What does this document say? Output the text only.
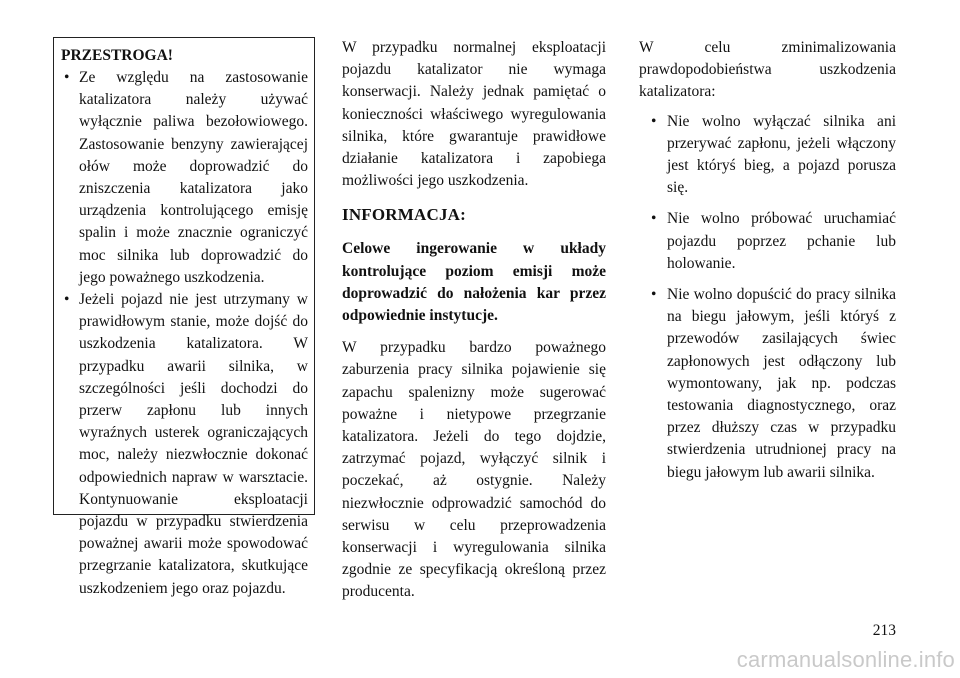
PRZESTROGA!

• Ze względu na zastosowanie katalizatora należy używać wyłącznie paliwa bezołowiowego. Zastosowanie benzyny zawierającej ołów może doprowadzić do zniszczenia katalizatora jako urządzenia kontrolującego emisję spalin i może znacznie ograniczyć moc silnika lub doprowadzić do jego poważnego uszkodzenia.
• Jeżeli pojazd nie jest utrzymany w prawidłowym stanie, może dojść do uszkodzenia katalizatora. W przypadku awarii silnika, w szczególności jeśli dochodzi do przerw zapłonu lub innych wyraźnych usterek ograniczających moc, należy niezwłocznie dokonać odpowiednich napraw w warsztacie. Kontynuowanie eksploatacji pojazdu w przypadku stwierdzenia poważnej awarii może spowodować przegrzanie katalizatora, skutkujące uszkodzeniem jego oraz pojazdu.

W przypadku normalnej eksploatacji pojazdu katalizator nie wymaga konserwacji. Należy jednak pamiętać o konieczności właściwego wyregulowania silnika, które gwarantuje prawidłowe działanie katalizatora i zapobiega możliwości jego uszkodzenia.

INFORMACJA:

Celowe ingerowanie w układy kontrolujące poziom emisji może doprowadzić do nałożenia kar przez odpowiednie instytucje.

W przypadku bardzo poważnego zaburzenia pracy silnika pojawienie się zapachu spalenizny może sugerować poważne i nietypowe przegrzanie katalizatora. Jeżeli do tego dojdzie, zatrzymać pojazd, wyłączyć silnik i poczekać, aż ostygnie. Należy niezwłocznie odprowadzić samochód do serwisu w celu przeprowadzenia konserwacji i wyregulowania silnika zgodnie ze specyfikacją określoną przez producenta.

W celu zminimalizowania prawdopodobieństwa uszkodzenia katalizatora:

• Nie wolno wyłączać silnika ani przerywać zapłonu, jeżeli włączony jest któryś bieg, a pojazd porusza się.
• Nie wolno próbować uruchamiać pojazdu poprzez pchanie lub holowanie.
• Nie wolno dopuścić do pracy silnika na biegu jałowym, jeśli któryś z przewodów zasilających świec zapłonowych jest odłączony lub wymontowany, jak np. podczas testowania diagnostycznego, oraz przez dłuższy czas w przypadku stwierdzenia utrudnionej pracy na biegu jałowym lub awarii silnika.
213
carmanualsonline.info
